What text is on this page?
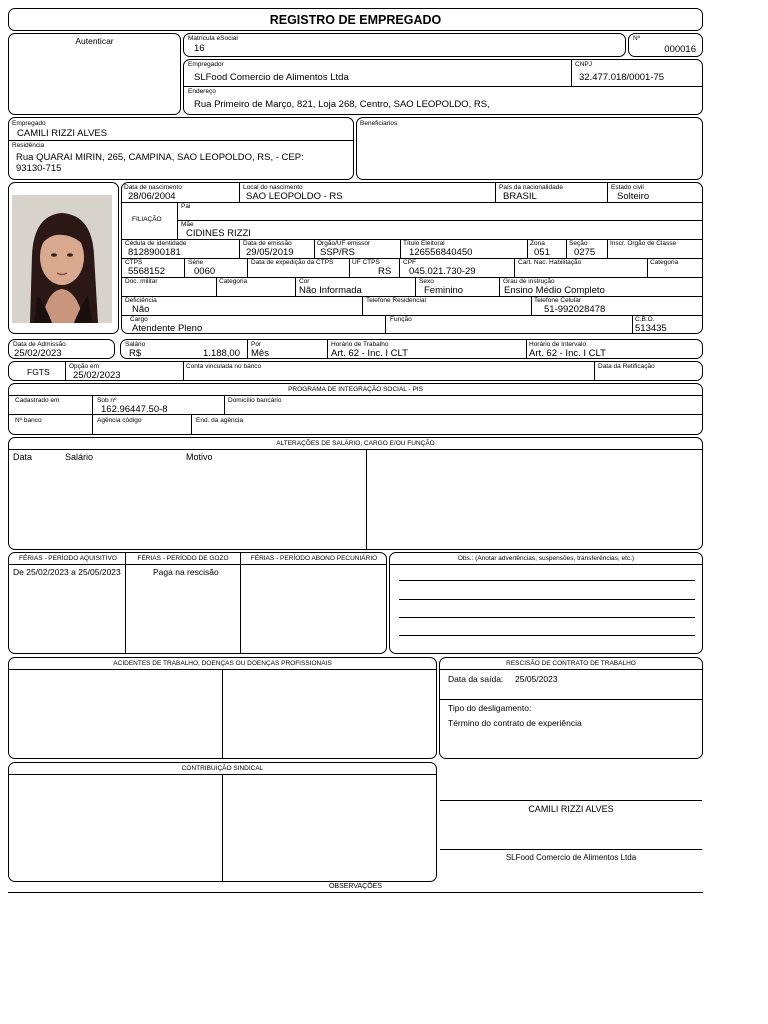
REGISTRO DE EMPREGADO
Autenticar	Matrícula eSocial
16
Nº
000016
Empregador
SLFood Comercio de Alimentos Ltda
CNPJ
32.477.018/0001-75
Endereço
Rua Primeiro de Março, 821, Loja 268, Centro, SAO LEOPOLDO, RS,
Empregado
CAMILI RIZZI ALVES
Residência
Rua QUARAI MIRIN, 265, CAMPINA, SAO LEOPOLDO, RS, - CEP:
93130-715
Beneficiarios
Data de nascimento
28/06/2004
Local do nascimento
SAO LEOPOLDO - RS
País da nacionalidade
BRASIL
Estado civil
Solteiro
FILIAÇÃO
Pai
Mãe
CIDINES RIZZI
Cédula de identidade
8128900181
Data de emissão
29/05/2019
Orgão/UF emissor
SSP/RS
Título Eleitoral
126556840450
Zona
051
Seção
0275
Inscr. Órgão de Classe
CTPS
5568152
Série
0060
Data de expedição da CTPS	UF CTPS
RS
CPF
045.021.730-29
Cart. Nac. Habilitação	Categoria
Doc. militar	Categoria	Cor
Não Informada
Sexo
Feminino
Grau de instrução
Ensino Médio Completo
Deficiência
Não
Telefone Residencial	Telefone Celular
51-992028478
Cargo
Atendente Pleno
Função	C.B.O.
513435
Data de Admissão
25/02/2023
Salário
R$	1.188,00
Por
Mês
Horário de Trabalho
Art. 62 - Inc. I CLT
Horário de Intervalo
Art. 62 - Inc. I CLT
FGTS
Opção em
25/02/2023
Conta vinculada no banco	Data da Retificação
PROGRAMA DE INTEGRAÇÃO SOCIAL - PIS
Cadastrado em	Sob nº
162.96447.50-8
Domicílio bancário
Nº banco	Agência código	End. da agência
ALTERAÇÕES DE SALÁRIO, CARGO E/OU FUNÇÃO
Data	Salário	Motivo
FÉRIAS - PERÍODO AQUISITIVO	FÉRIAS - PERÍODO DE GOZO	FÉRIAS - PERÍODO ABONO PECUNIÁRIO
De 25/02/2023 a 25/05/2023	Paga na rescisão
Obs.: (Anotar advertências, suspensões, transferências, etc.)
ACIDENTES DE TRABALHO, DOENÇAS OU DOENÇAS PROFISSIONAIS	RESCISÃO DE CONTRATO DE TRABALHO
Data da saída: 25/05/2023
Tipo do desligamento:
Término do contrato de experiência
CONTRIBUIÇÃO SINDICAL
CAMILI RIZZI ALVES
SLFood Comercio de Alimentos Ltda
OBSERVAÇÕES
